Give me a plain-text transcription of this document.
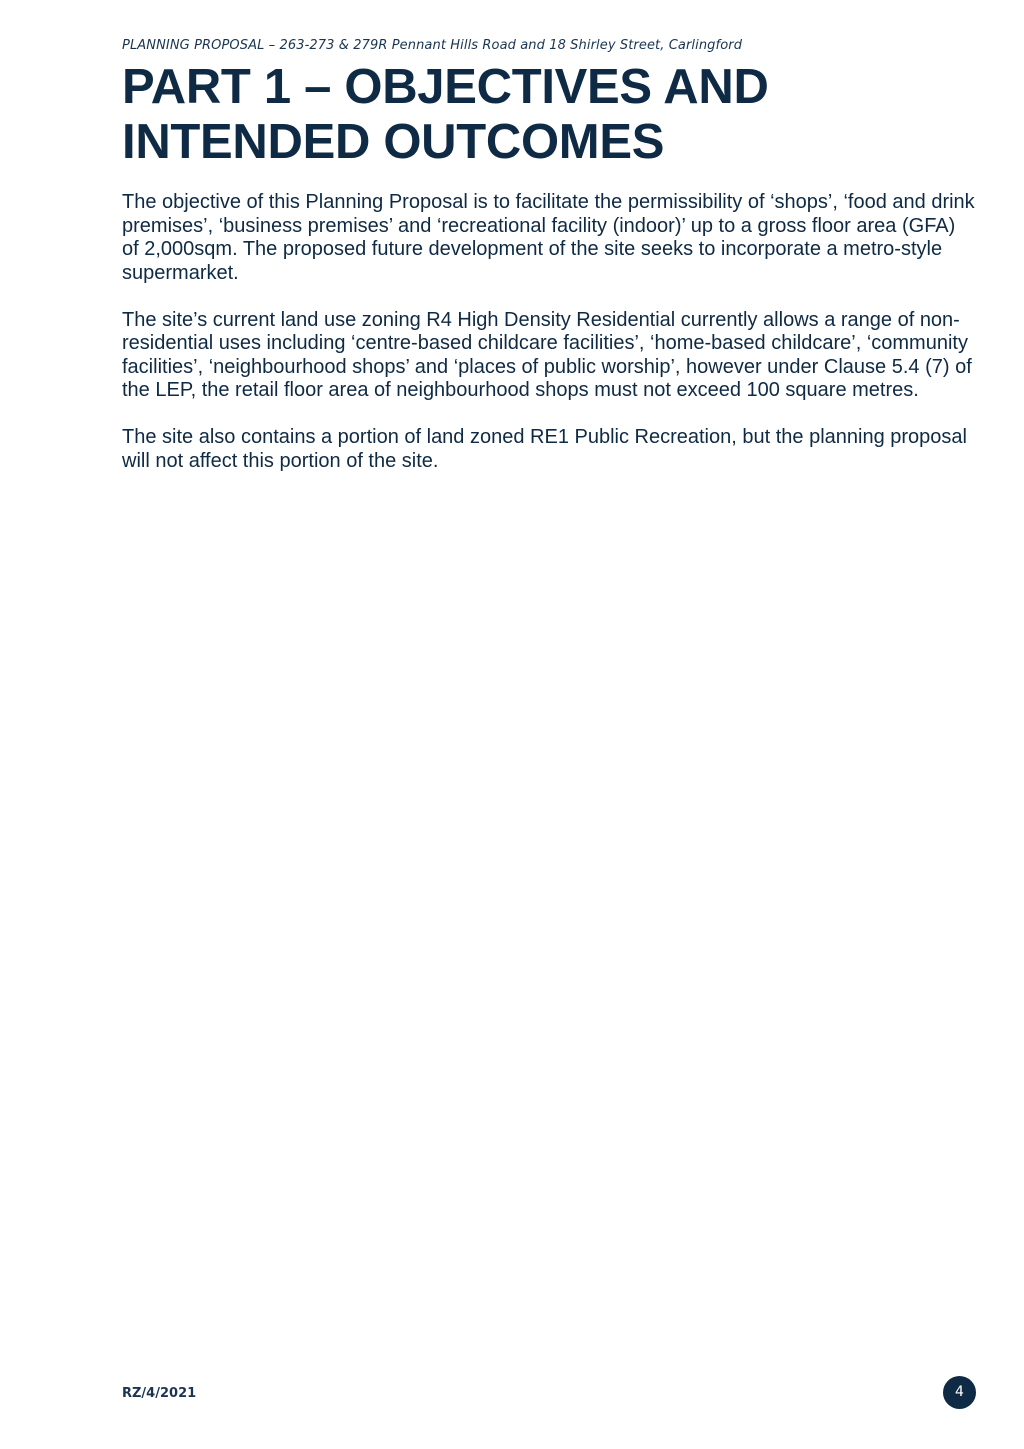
PLANNING PROPOSAL – 263-273 & 279R Pennant Hills Road and 18 Shirley Street, Carlingford
PART 1 – OBJECTIVES AND INTENDED OUTCOMES

The objective of this Planning Proposal is to facilitate the permissibility of ‘shops’, ‘food and drink premises’, ‘business premises’ and ‘recreational facility (indoor)’ up to a gross floor area (GFA) of 2,000sqm. The proposed future development of the site seeks to incorporate a metro-style supermarket.

The site’s current land use zoning R4 High Density Residential currently allows a range of non-residential uses including ‘centre-based childcare facilities’, ‘home-based childcare’, ‘community facilities’, ‘neighbourhood shops’ and ‘places of public worship’, however under Clause 5.4 (7) of the LEP, the retail floor area of neighbourhood shops must not exceed 100 square metres.

The site also contains a portion of land zoned RE1 Public Recreation, but the planning proposal will not affect this portion of the site.

RZ/4/2021	4
